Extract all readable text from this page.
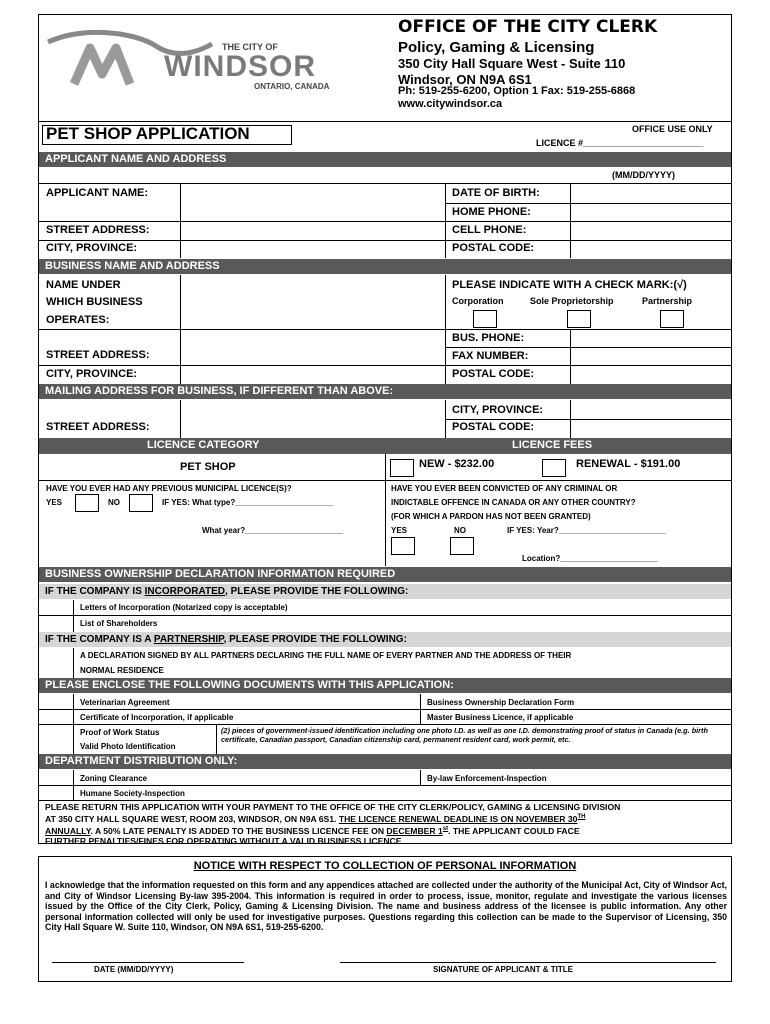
THE CITY OF
WINDSOR
ONTARIO, CANADA
OFFICE OF THE CITY CLERK
Policy, Gaming & Licensing
350 City Hall Square West - Suite 110
Windsor, ON N9A 6S1
Ph: 519-255-6200, Option 1 Fax: 519-255-6868
www.citywindsor.ca
PET SHOP APPLICATION	OFFICE USE ONLY
LICENCE #________________________
APPLICANT NAME AND ADDRESS
(MM/DD/YYYY)
APPLICANT NAME:	DATE OF BIRTH:
HOME PHONE:
STREET ADDRESS:	CELL PHONE:
CITY, PROVINCE:	POSTAL CODE:
BUSINESS NAME AND ADDRESS
NAME UNDER
WHICH BUSINESS
OPERATES:
PLEASE INDICATE WITH A CHECK MARK:(√)
Corporation	Sole Proprietorship	Partnership
BUS. PHONE:
STREET ADDRESS:	FAX NUMBER:
CITY, PROVINCE:	POSTAL CODE:
MAILING ADDRESS FOR BUSINESS, IF DIFFERENT THAN ABOVE:
CITY, PROVINCE:
STREET ADDRESS:	POSTAL CODE:
LICENCE CATEGORY	LICENCE FEES
PET SHOP	NEW - $232.00	RENEWAL - $191.00
HAVE YOU EVER HAD ANY PREVIOUS MUNICIPAL LICENCE(S)?
YES	NO	IF YES: What type?______________________
What year?______________________
HAVE YOU EVER BEEN CONVICTED OF ANY CRIMINAL OR
INDICTABLE OFFENCE IN CANADA OR ANY OTHER COUNTRY?
(FOR WHICH A PARDON HAS NOT BEEN GRANTED)
YES	NO	IF YES: Year?________________________
Location?______________________
BUSINESS OWNERSHIP DECLARATION INFORMATION REQUIRED
IF THE COMPANY IS INCORPORATED, PLEASE PROVIDE THE FOLLOWING:
Letters of Incorporation (Notarized copy is acceptable)
List of Shareholders
IF THE COMPANY IS A PARTNERSHIP, PLEASE PROVIDE THE FOLLOWING:
A DECLARATION SIGNED BY ALL PARTNERS DECLARING THE FULL NAME OF EVERY PARTNER AND THE ADDRESS OF THEIR
NORMAL RESIDENCE
PLEASE ENCLOSE THE FOLLOWING DOCUMENTS WITH THIS APPLICATION:
Veterinarian Agreement	Business Ownership Declaration Form
Certificate of Incorporation, if applicable	Master Business Licence, if applicable
Proof of Work Status
Valid Photo Identification
(2) pieces of government-issued identification including one photo I.D. as well as one I.D. demonstrating proof of status in Canada (e.g. birth certificate, Canadian passport, Canadian citizenship card, permanent resident card, work permit, etc.
DEPARTMENT DISTRIBUTION ONLY:
Zoning Clearance	By-law Enforcement-Inspection
Humane Society-Inspection
PLEASE RETURN THIS APPLICATION WITH YOUR PAYMENT TO THE OFFICE OF THE CITY CLERK/POLICY, GAMING & LICENSING DIVISION
AT 350 CITY HALL SQUARE WEST, ROOM 203, WINDSOR, ON N9A 6S1. THE LICENCE RENEWAL DEADLINE IS ON NOVEMBER 30TH
ANNUALLY. A 50% LATE PENALTY IS ADDED TO THE BUSINESS LICENCE FEE ON DECEMBER 1st. THE APPLICANT COULD FACE
FURTHER PENALTIES/FINES FOR OPERATING WITHOUT A VALID BUSINESS LICENCE
NOTICE WITH RESPECT TO COLLECTION OF PERSONAL INFORMATION
I acknowledge that the information requested on this form and any appendices attached are collected under the authority of the Municipal Act, City of Windsor Act, and City of Windsor Licensing By-law 395-2004. This information is required in order to process, issue, monitor, regulate and investigate the various licenses issued by the Office of the City Clerk, Policy, Gaming & Licensing Division. The name and business address of the licensee is public information. Any other personal information collected will only be used for investigative purposes. Questions regarding this collection can be made to the Supervisor of Licensing, 350 City Hall Square W. Suite 110, Windsor, ON N9A 6S1, 519-255-6200.
DATE (MM/DD/YYYY)	SIGNATURE OF APPLICANT & TITLE
